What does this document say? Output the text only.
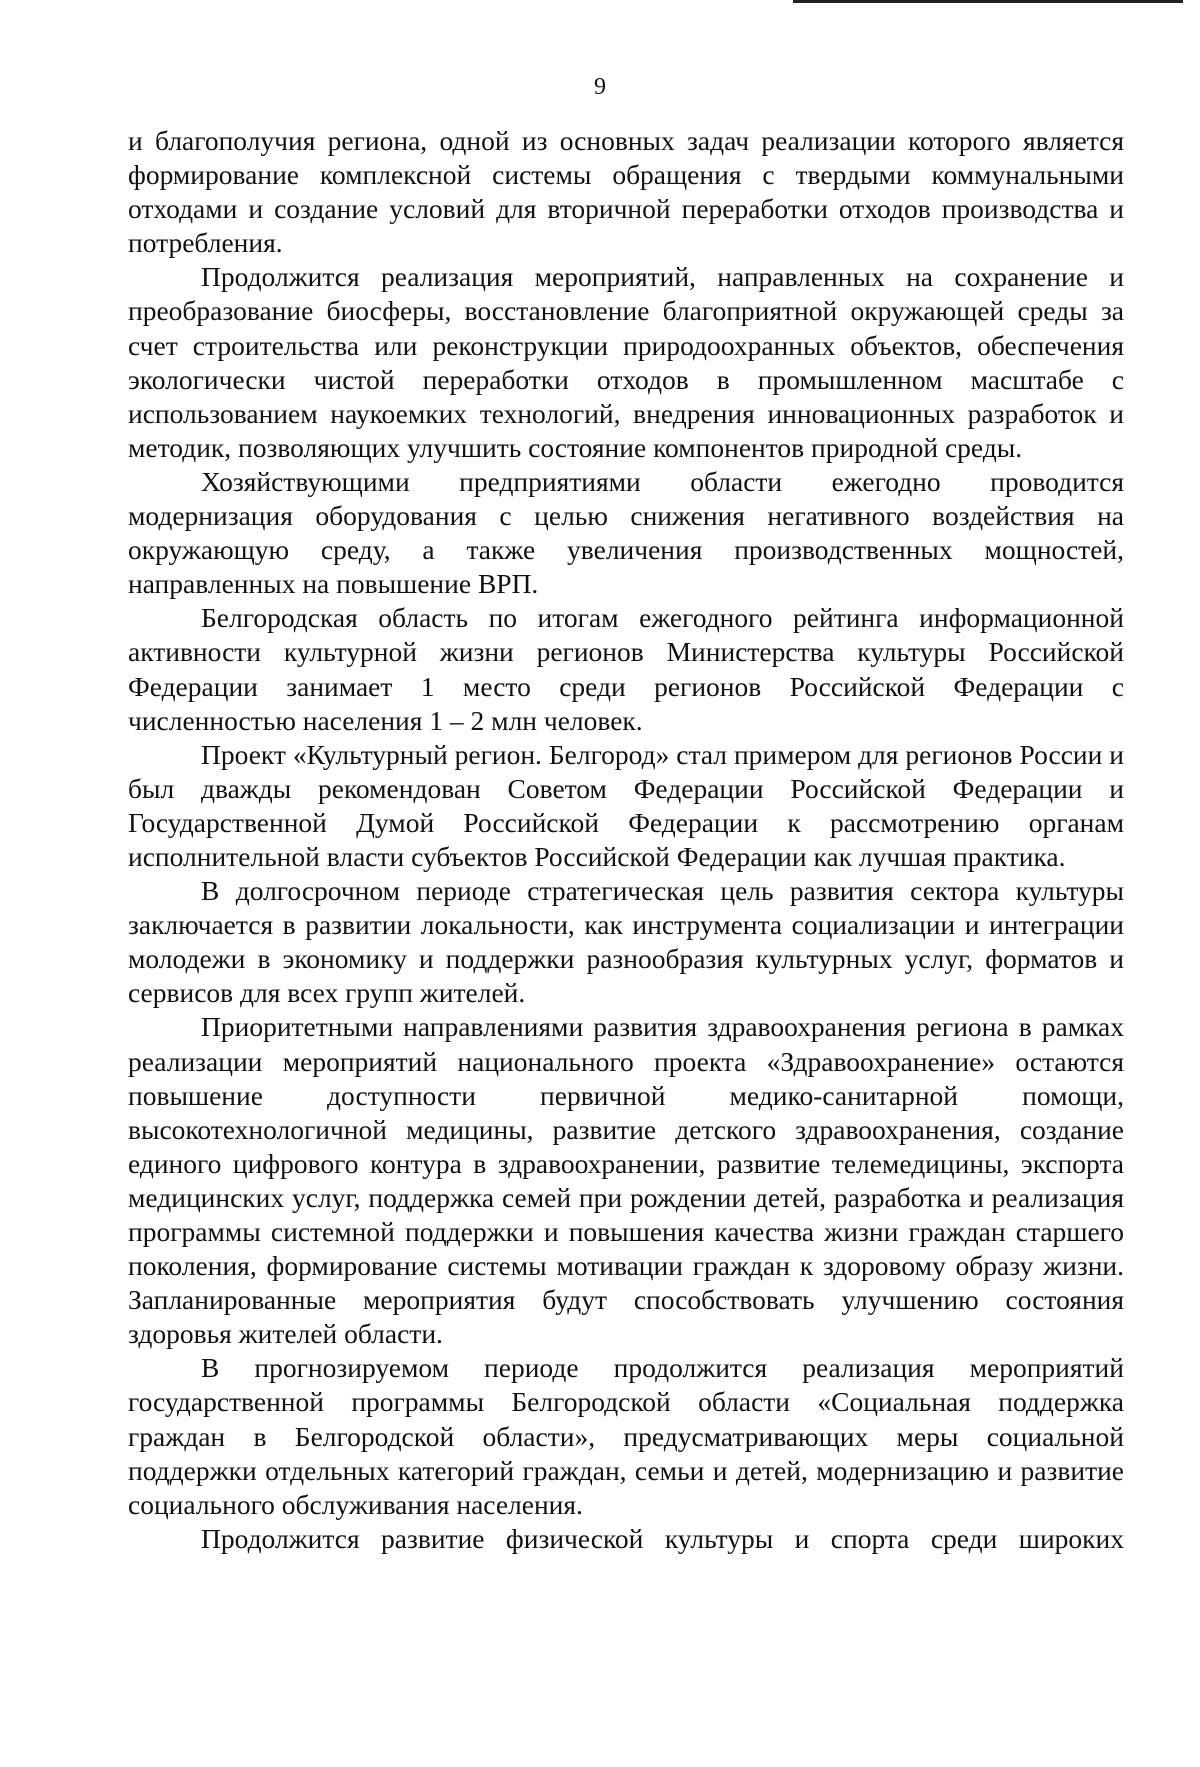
9

и благополучия региона, одной из основных задач реализации которого является формирование комплексной системы обращения с твердыми коммунальными отходами и создание условий для вторичной переработки отходов производства и потребления.

Продолжится реализация мероприятий, направленных на сохранение и преобразование биосферы, восстановление благоприятной окружающей среды за счет строительства или реконструкции природоохранных объектов, обеспечения экологически чистой переработки отходов в промышленном масштабе с использованием наукоемких технологий, внедрения инновационных разработок и методик, позволяющих улучшить состояние компонентов природной среды.

Хозяйствующими предприятиями области ежегодно проводится модернизация оборудования с целью снижения негативного воздействия на окружающую среду, а также увеличения производственных мощностей, направленных на повышение ВРП.

Белгородская область по итогам ежегодного рейтинга информационной активности культурной жизни регионов Министерства культуры Российской Федерации занимает 1 место среди регионов Российской Федерации с численностью населения 1 – 2 млн человек.

Проект «Культурный регион. Белгород» стал примером для регионов России и был дважды рекомендован Советом Федерации Российской Федерации и Государственной Думой Российской Федерации к рассмотрению органам исполнительной власти субъектов Российской Федерации как лучшая практика.

В долгосрочном периоде стратегическая цель развития сектора культуры заключается в развитии локальности, как инструмента социализации и интеграции молодежи в экономику и поддержки разнообразия культурных услуг, форматов и сервисов для всех групп жителей.

Приоритетными направлениями развития здравоохранения региона в рамках реализации мероприятий национального проекта «Здравоохранение» остаются повышение доступности первичной медико-санитарной помощи, высокотехнологичной медицины, развитие детского здравоохранения, создание единого цифрового контура в здравоохранении, развитие телемедицины, экспорта медицинских услуг, поддержка семей при рождении детей, разработка и реализация программы системной поддержки и повышения качества жизни граждан старшего поколения, формирование системы мотивации граждан к здоровому образу жизни. Запланированные мероприятия будут способствовать улучшению состояния здоровья жителей области.

В прогнозируемом периоде продолжится реализация мероприятий государственной программы Белгородской области «Социальная поддержка граждан в Белгородской области», предусматривающих меры социальной поддержки отдельных категорий граждан, семьи и детей, модернизацию и развитие социального обслуживания населения.

Продолжится развитие физической культуры и спорта среди широких
